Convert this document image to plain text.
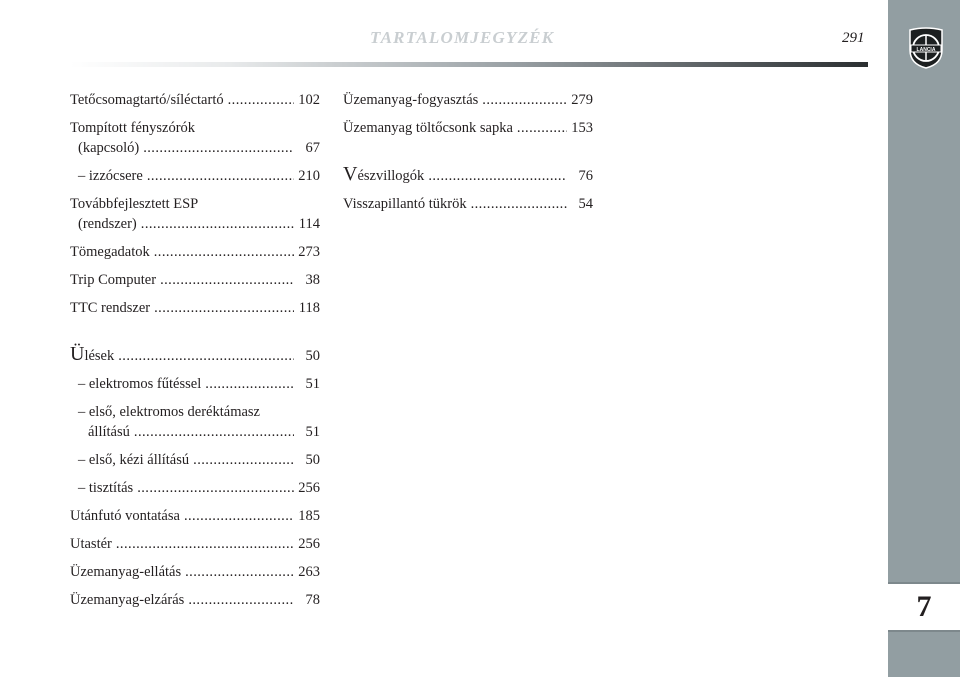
TARTALOMJEGYZÉK	291
LANCIA
7
Tetőcsomagtartó/síléctartó . . .	102
Tompított fényszórók
(kapcsoló) . . .	67
– izzócsere . . .	210
Továbbfejlesztett ESP
(rendszer) . . .	114
Tömegadatok . . .	273
Trip Computer . . .	38
TTC rendszer . . .	118
Ülések . . .	50
– elektromos fűtéssel . . .	51
– első, elektromos deréktámasz
állítású . . .	51
– első, kézi állítású . . .	50
– tisztítás . . .	256
Utánfutó vontatása . . .	185
Utastér . . .	256
Üzemanyag-ellátás . . .	263
Üzemanyag-elzárás . . .	78
Üzemanyag-fogyasztás . . .	279
Üzemanyag töltőcsonk sapka . . .	153
Vészvillogók . . .	76
Visszapillantó tükrök . . .	54
